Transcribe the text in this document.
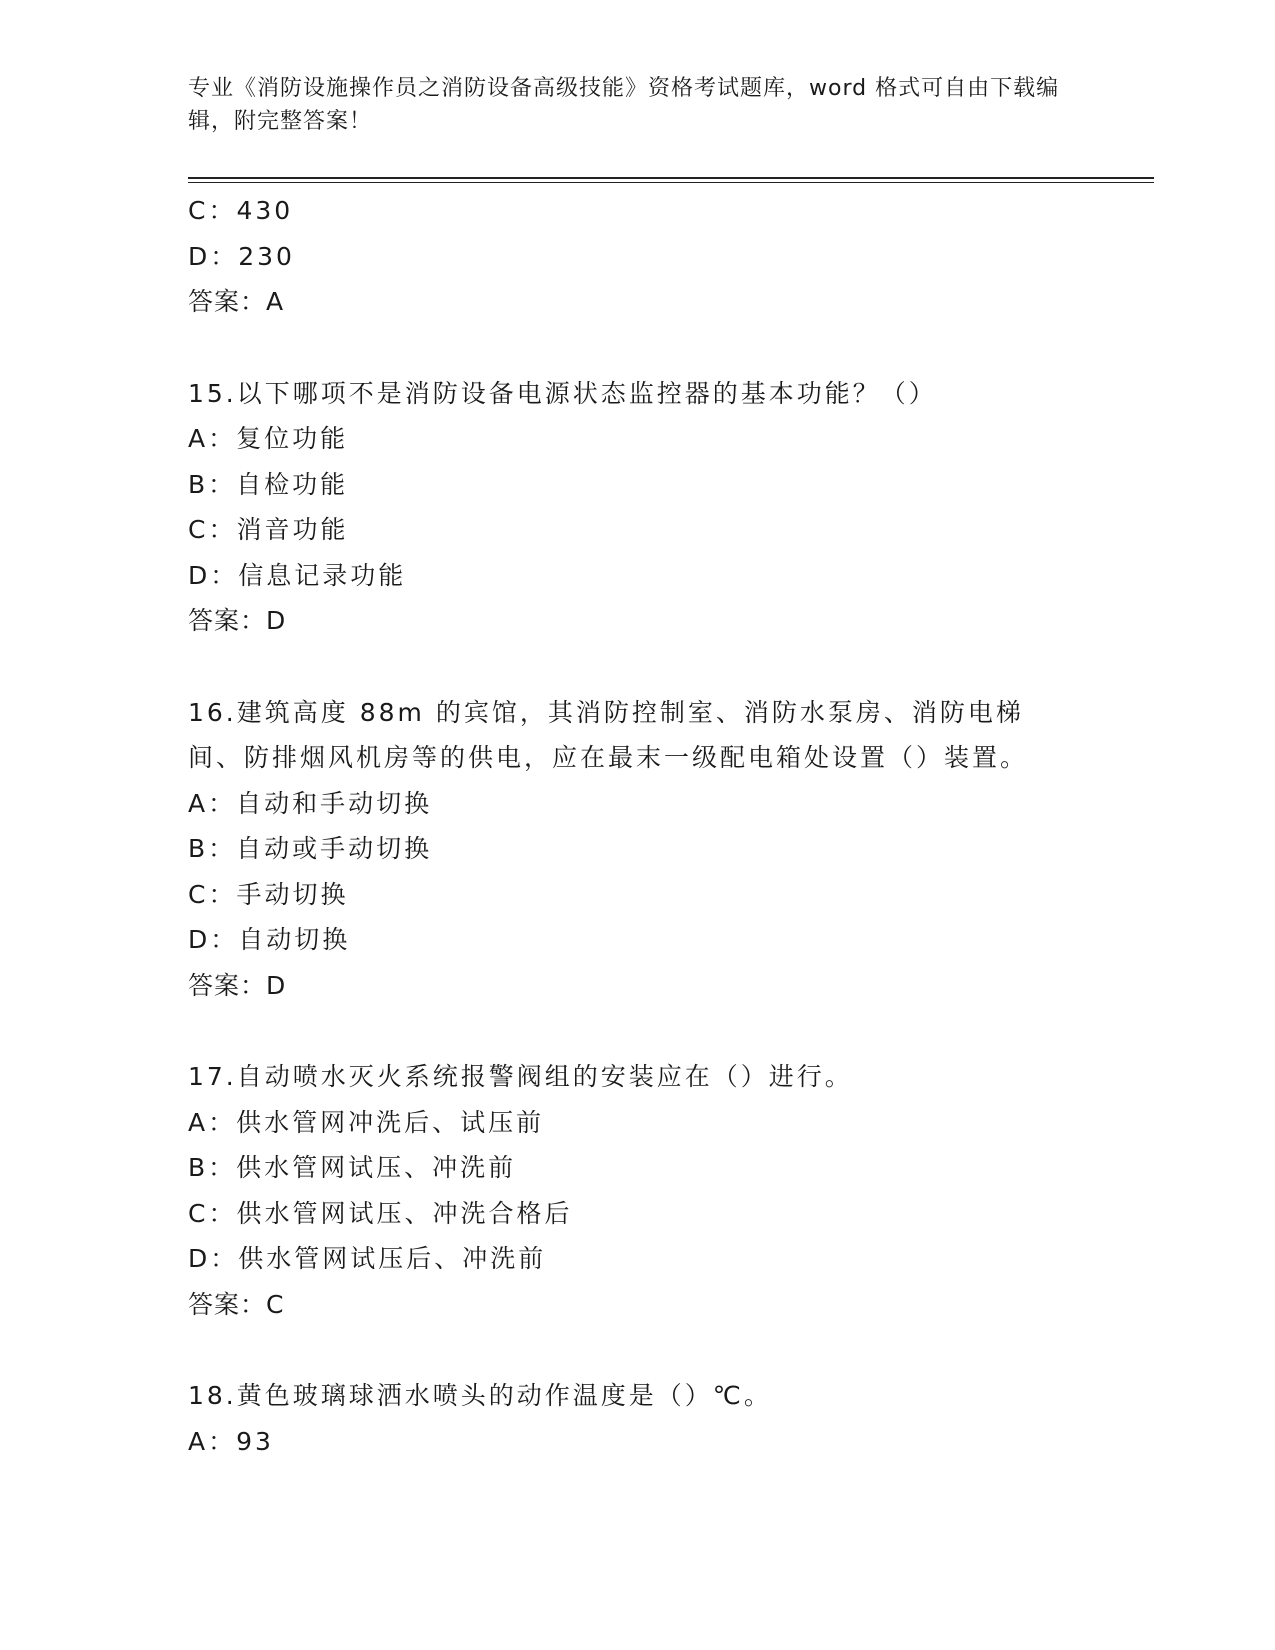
专业《消防设施操作员之消防设备高级技能》资格考试题库，word 格式可自由下载编辑，附完整答案！
C：430
D：230
答案：A
15.以下哪项不是消防设备电源状态监控器的基本功能？（）
A：复位功能
B：自检功能
C：消音功能
D：信息记录功能
答案：D
16.建筑高度 88m 的宾馆，其消防控制室、消防水泵房、消防电梯间、防排烟风机房等的供电，应在最末一级配电箱处设置（）装置。
A：自动和手动切换
B：自动或手动切换
C：手动切换
D：自动切换
答案：D
17.自动喷水灭火系统报警阀组的安装应在（）进行。
A：供水管网冲洗后、试压前
B：供水管网试压、冲洗前
C：供水管网试压、冲洗合格后
D：供水管网试压后、冲洗前
答案：C
18.黄色玻璃球洒水喷头的动作温度是（）℃。
A：93
